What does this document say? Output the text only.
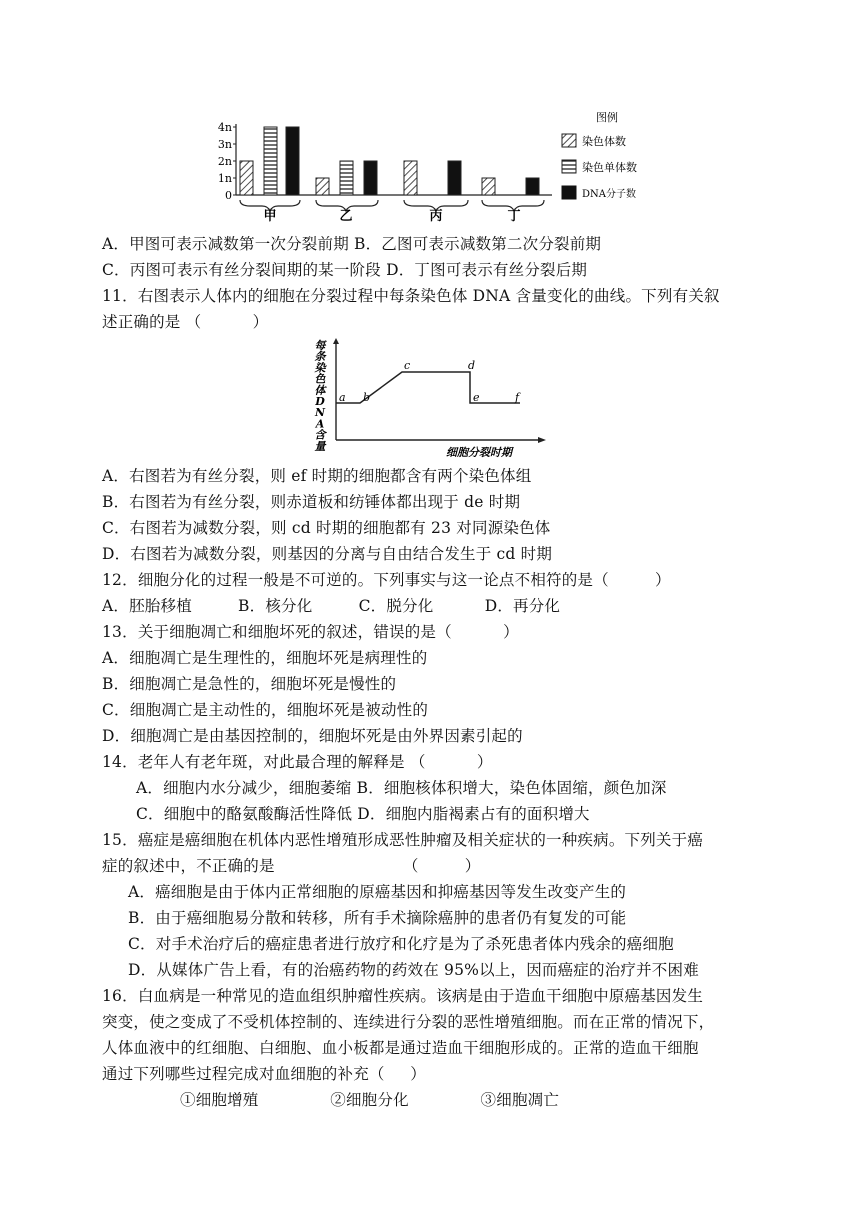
0
1n
2n
3n
4n
甲	乙	丙	丁
图例
染色体数
染色单体数
DNA分子数
每条染色体 D N A 含量
a b
c	d
e	f
细胞分裂时期
A．甲图可表示减数第一次分裂前期 B．乙图可表示减数第二次分裂前期
C．丙图可表示有丝分裂间期的某一阶段 D．丁图可表示有丝分裂后期
11．右图表示人体内的细胞在分裂过程中每条染色体 DNA 含量变化的曲线。下列有关叙
述正确的是 （          ）
A．右图若为有丝分裂，则 ef 时期的细胞都含有两个染色体组
B．右图若为有丝分裂，则赤道板和纺锤体都出现于 de 时期
C．右图若为减数分裂，则 cd 时期的细胞都有 23 对同源染色体
D．右图若为减数分裂，则基因的分离与自由结合发生于 cd 时期
12．细胞分化的过程一般是不可逆的。下列事实与这一论点不相符的是（         ）
A．胚胎移植         B．核分化         C．脱分化          D．再分化
13．关于细胞凋亡和细胞坏死的叙述，错误的是（          ）
A．细胞凋亡是生理性的，细胞坏死是病理性的
B．细胞凋亡是急性的，细胞坏死是慢性的
C．细胞凋亡是主动性的，细胞坏死是被动性的
D．细胞凋亡是由基因控制的，细胞坏死是由外界因素引起的
14．老年人有老年斑，对此最合理的解释是 （          ）
A．细胞内水分减少，细胞萎缩 B．细胞核体积增大，染色体固缩，颜色加深
C．细胞中的酪氨酸酶活性降低 D．细胞内脂褐素占有的面积增大
15．癌症是癌细胞在机体内恶性增殖形成恶性肿瘤及相关症状的一种疾病。下列关于癌
症的叙述中，不正确的是                         （         ）
A．癌细胞是由于体内正常细胞的原癌基因和抑癌基因等发生改变产生的
B．由于癌细胞易分散和转移，所有手术摘除癌肿的患者仍有复发的可能
C．对手术治疗后的癌症患者进行放疗和化疗是为了杀死患者体内残余的癌细胞
D．从媒体广告上看，有的治癌药物的药效在 95%以上，因而癌症的治疗并不困难
16．白血病是一种常见的造血组织肿瘤性疾病。该病是由于造血干细胞中原癌基因发生
突变，使之变成了不受机体控制的、连续进行分裂的恶性增殖细胞。而在正常的情况下，
人体血液中的红细胞、白细胞、血小板都是通过造血干细胞形成的。正常的造血干细胞
通过下列哪些过程完成对血细胞的补充（     ）
①细胞增殖              ②细胞分化              ③细胞凋亡
